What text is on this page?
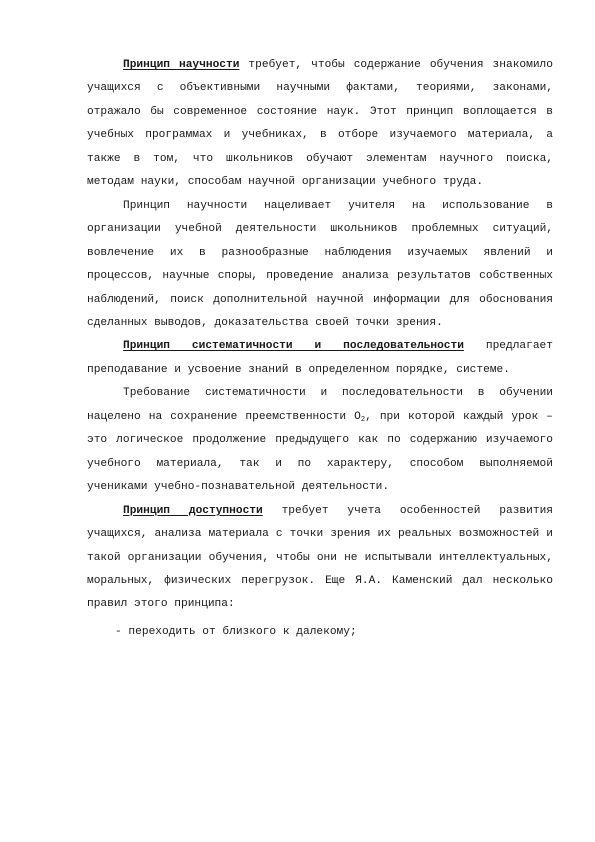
Принцип научности требует, чтобы содержание обучения знакомило учащихся с объективными научными фактами, теориями, законами, отражало бы современное состояние наук. Этот принцип воплощается в учебных программах и учебниках, в отборе изучаемого материала, а также в том, что школьников обучают элементам научного поиска, методам науки, способам научной организации учебного труда.

Принцип научности нацеливает учителя на использование в организации учебной деятельности школьников проблемных ситуаций, вовлечение их в разнообразные наблюдения изучаемых явлений и процессов, научные споры, проведение анализа результатов собственных наблюдений, поиск дополнительной научной информации для обоснования сделанных выводов, доказательства своей точки зрения.

Принцип систематичности и последовательности предлагает преподавание и усвоение знаний в определенном порядке, системе.

Требование систематичности и последовательности в обучении нацелено на сохранение преемственности $О_2$, при которой каждый урок – это логическое продолжение предыдущего как по содержанию изучаемого учебного материала, так и по характеру, способом выполняемой учениками учебно-познавательной деятельности.

Принцип доступности требует учета особенностей развития учащихся, анализа материала с точки зрения их реальных возможностей и такой организации обучения, чтобы они не испытывали интеллектуальных, моральных, физических перегрузок. Еще Я.А. Каменский дал несколько правил этого принципа:

- переходить от близкого к далекому;
